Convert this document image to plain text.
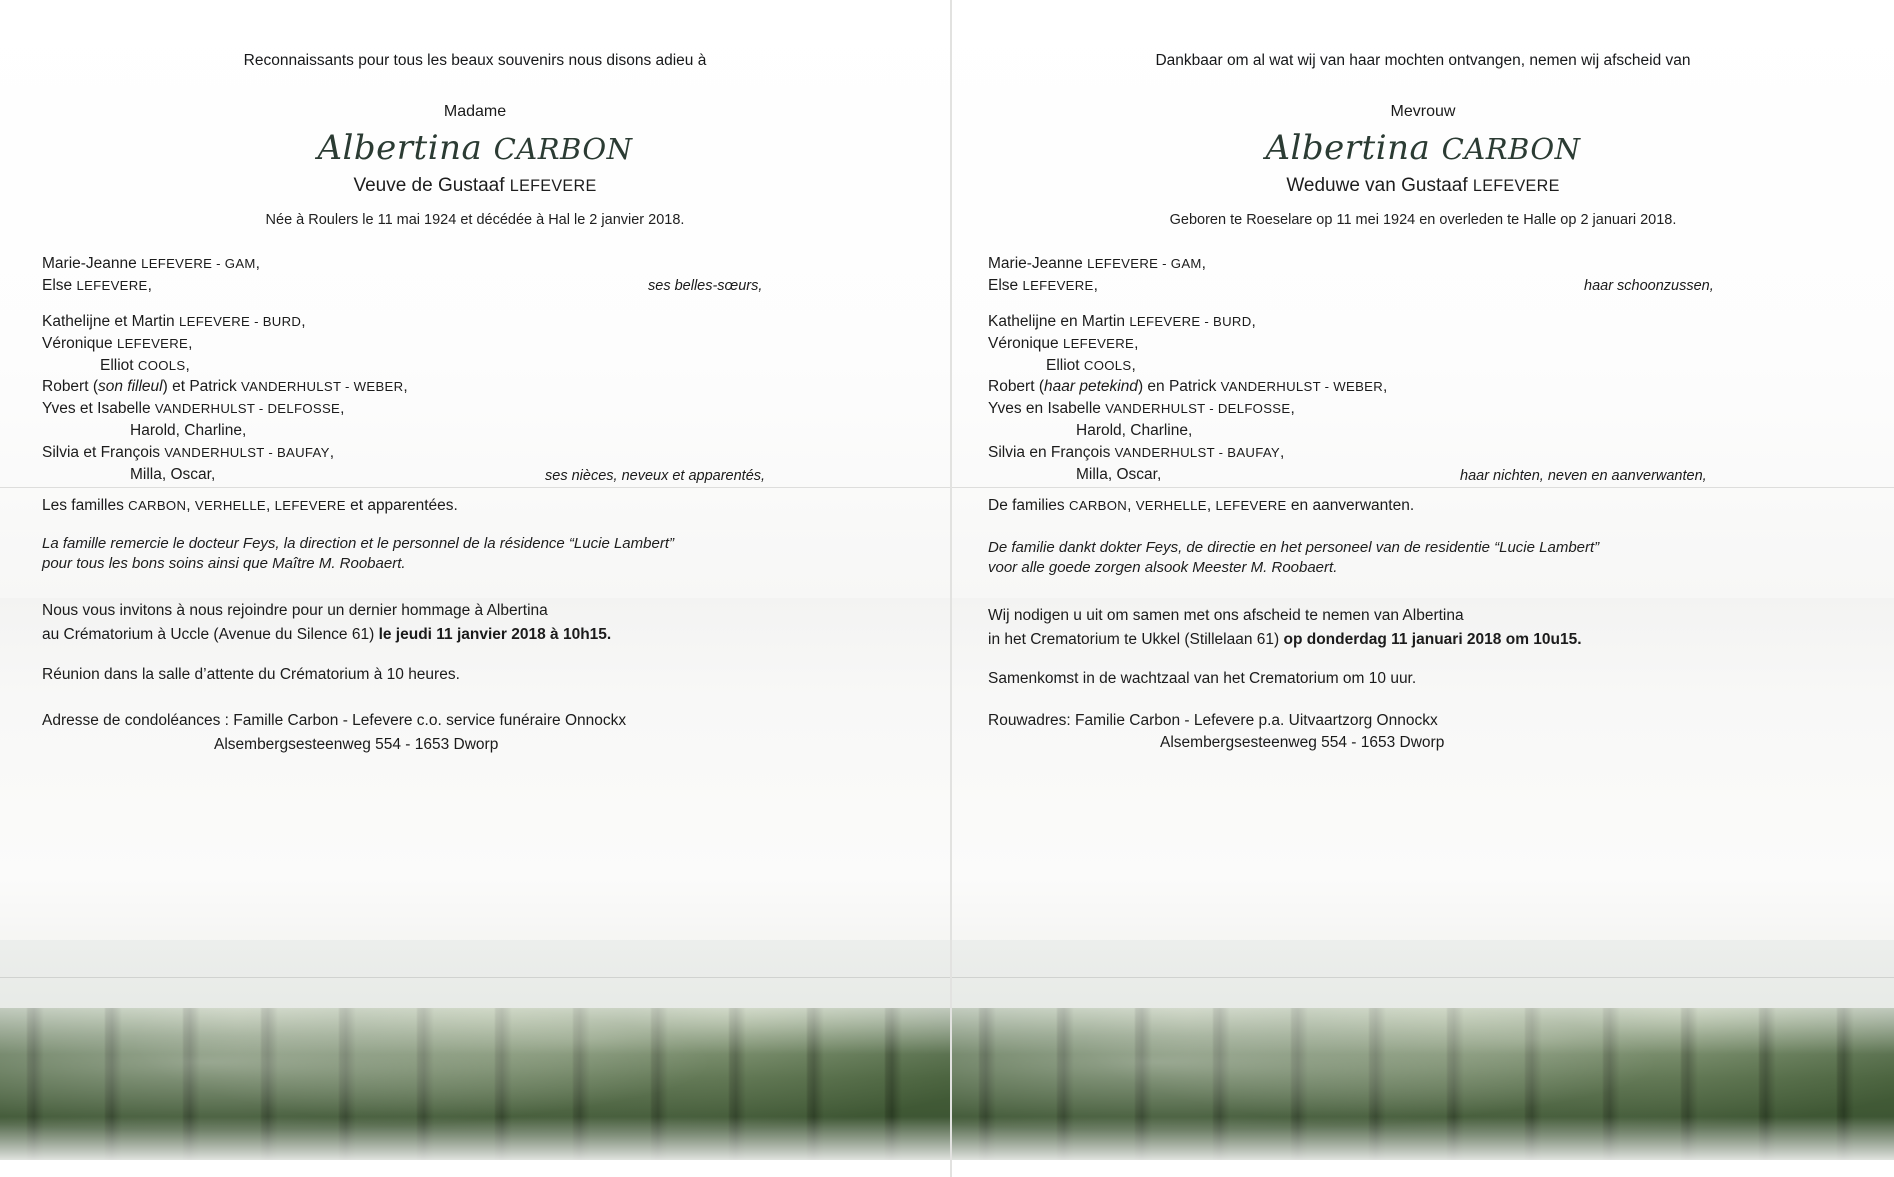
Reconnaissants pour tous les beaux souvenirs nous disons adieu à
Madame
Albertina CARBON
Veuve de Gustaaf LEFEVERE
Née à Roulers le 11 mai 1924 et décédée à Hal le 2 janvier 2018.
Marie-Jeanne LEFEVERE - GAM,
Else LEFEVERE,	ses belles-sœurs,
Kathelijne et Martin LEFEVERE - BURD,
Véronique LEFEVERE,
Elliot COOLS,
Robert (son filleul) et Patrick VANDERHULST - WEBER,
Yves et Isabelle VANDERHULST - DELFOSSE,
Harold, Charline,
Silvia et François VANDERHULST - BAUFAY,
Milla, Oscar,	ses nièces, neveux et apparentés,
Les familles CARBON, VERHELLE, LEFEVERE et apparentées.
La famille remercie le docteur Feys, la direction et le personnel de la résidence “Lucie Lambert”
pour tous les bons soins ainsi que Maître M. Roobaert.
Nous vous invitons à nous rejoindre pour un dernier hommage à Albertina
au Crématorium à Uccle (Avenue du Silence 61) le jeudi 11 janvier 2018 à 10h15.
Réunion dans la salle d’attente du Crématorium à 10 heures.
Adresse de condoléances : Famille Carbon - Lefevere c.o. service funéraire Onnockx
Alsembergsesteenweg 554 - 1653 Dworp
Dankbaar om al wat wij van haar mochten ontvangen, nemen wij afscheid van
Mevrouw
Albertina CARBON
Weduwe van Gustaaf LEFEVERE
Geboren te Roeselare op 11 mei 1924 en overleden te Halle op 2 januari 2018.
Marie-Jeanne LEFEVERE - GAM,
Else LEFEVERE,	haar schoonzussen,
Kathelijne en Martin LEFEVERE - BURD,
Véronique LEFEVERE,
Elliot COOLS,
Robert (haar petekind) en Patrick VANDERHULST - WEBER,
Yves en Isabelle VANDERHULST - DELFOSSE,
Harold, Charline,
Silvia en François VANDERHULST - BAUFAY,
Milla, Oscar,	haar nichten, neven en aanverwanten,
De families CARBON, VERHELLE, LEFEVERE en aanverwanten.
De familie dankt dokter Feys, de directie en het personeel van de residentie “Lucie Lambert”
voor alle goede zorgen alsook Meester M. Roobaert.
Wij nodigen u uit om samen met ons afscheid te nemen van Albertina
in het Crematorium te Ukkel (Stillelaan 61) op donderdag 11 januari 2018 om 10u15.
Samenkomst in de wachtzaal van het Crematorium om 10 uur.
Rouwadres: Familie Carbon - Lefevere p.a. Uitvaartzorg Onnockx
Alsembergsesteenweg 554 - 1653 Dworp
